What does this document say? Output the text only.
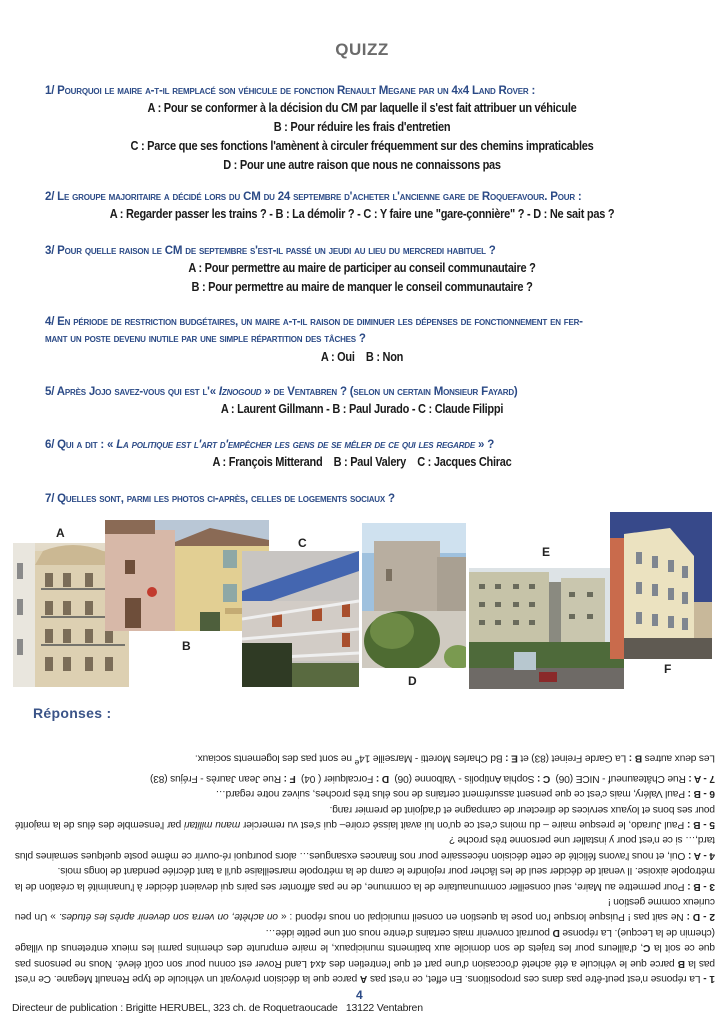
QUIZZ
1/ Pourquoi le maire a-t-il remplacé son véhicule de fonction Renault Megane par un 4x4 Land Rover :
A : Pour se conformer à la décision du CM par laquelle il s'est fait attribuer un véhicule
B : Pour réduire les frais d'entretien
C : Parce que ses fonctions l'amènent à circuler fréquemment sur des chemins impraticables
D : Pour une autre raison que nous ne connaissons pas
2/ Le groupe majoritaire a décidé lors du CM du 24 septembre d'acheter l'ancienne gare de Roquefavour. Pour :
A : Regarder passer les trains ? - B : La démolir ? - C : Y faire une "gare-çonnière" ? - D : Ne sait pas ?
3/ Pour quelle raison le CM de septembre s'est-il passé un jeudi au lieu du mercredi habituel ?
A : Pour permettre au maire de participer au conseil communautaire ?
B : Pour permettre au maire de manquer le conseil communautaire ?
4/ En période de restriction budgétaires, un maire a-t-il raison de diminuer les dépenses de fonctionnement en fer-
mant un poste devenu inutile par une simple répartition des tâches ?
A : Oui    B : Non
5/ Après Jojo savez-vous qui est l'« Iznogoud » de Ventabren ? (selon un certain Monsieur Fayard)
A : Laurent Gillmann - B : Paul Jurado - C : Claude Filippi
6/ Qui a dit : « La politique est l'art d'empêcher les gens de se mêler de ce qui les regarde » ?
A : François Mitterand    B : Paul Valery    C : Jacques Chirac
7/ Quelles sont, parmi les photos ci-après, celles de logements sociaux ?
A
B
C
D
E
F
Réponses :

1 - La réponse n'est peut-être pas dans ces propositions. En effet, ce n'est pas A parce que la décision prévoyait un véhicule de type Renault Megane. Ce n'est pas la B parce que le véhicule a été acheté d'occasion d'une part et que l'entretien des 4x4 Land Rover est connu pour son coût élevé. Nous ne pensons pas que ce soit la C, d'ailleurs pour les trajets de son domicile aux batiments municipaux, le maire emprunte des chemins parmi les mieux entretenus du village (chemin de la Lecque). La réponse D pourrait convenir mais certains d'entre nous ont une petite idée…

2 - D : Ne sait pas ! Puisque lorsque l'on pose la question en conseil municipal on nous répond : « on achète, on verra son devenir après les études. » Un peu curieux comme gestion !

3 - B : Pour permettre au Maire, seul conseiller communautaire de la commune, de ne pas affronter ses pairs qui devaient décider à l'unanimité la création de la métropole aixoise. Il venait de décider seul de les lâcher pour rejoindre le camp de la métropole marseillaise qu'il a tant décriée pendant de longs mois.

4 - A : Oui, et nous l'avons félicité de cette décision nécessaire pour nos finances exsangues… alors pourquoi ré-ouvrir ce même poste quelques semaines plus tard,… si ce n'est pour y installer une personne très proche ?

5 - B : Paul Jurado, le presque maire – du moins c'est ce qu'on lui avait laissé croire– qui s'est vu remercier manu militari par l'ensemble des élus de la majorité pour ses bons et loyaux services de directeur de campagne et d'adjoint de premier rang.

6 - B : Paul Valéry, mais c'est ce que pensent assurément certains de nos élus très proches, suivez notre regard…

7 - A : Rue Châteauneuf - NICE (06)  C : Sophia Antipolis - Valbonne (06)  D : Forcalquier ( 04)  F : Rue Jean Jaurès - Fréjus (83)

Les deux autres B : La Garde Freinet (83) et E : Bd Charles Moretti - Marseille 14e ne sont pas des logements sociaux.

4
Directeur de publication : Brigitte HERUBEL, 323 ch. de Roquetraoucade   13122 Ventabren
